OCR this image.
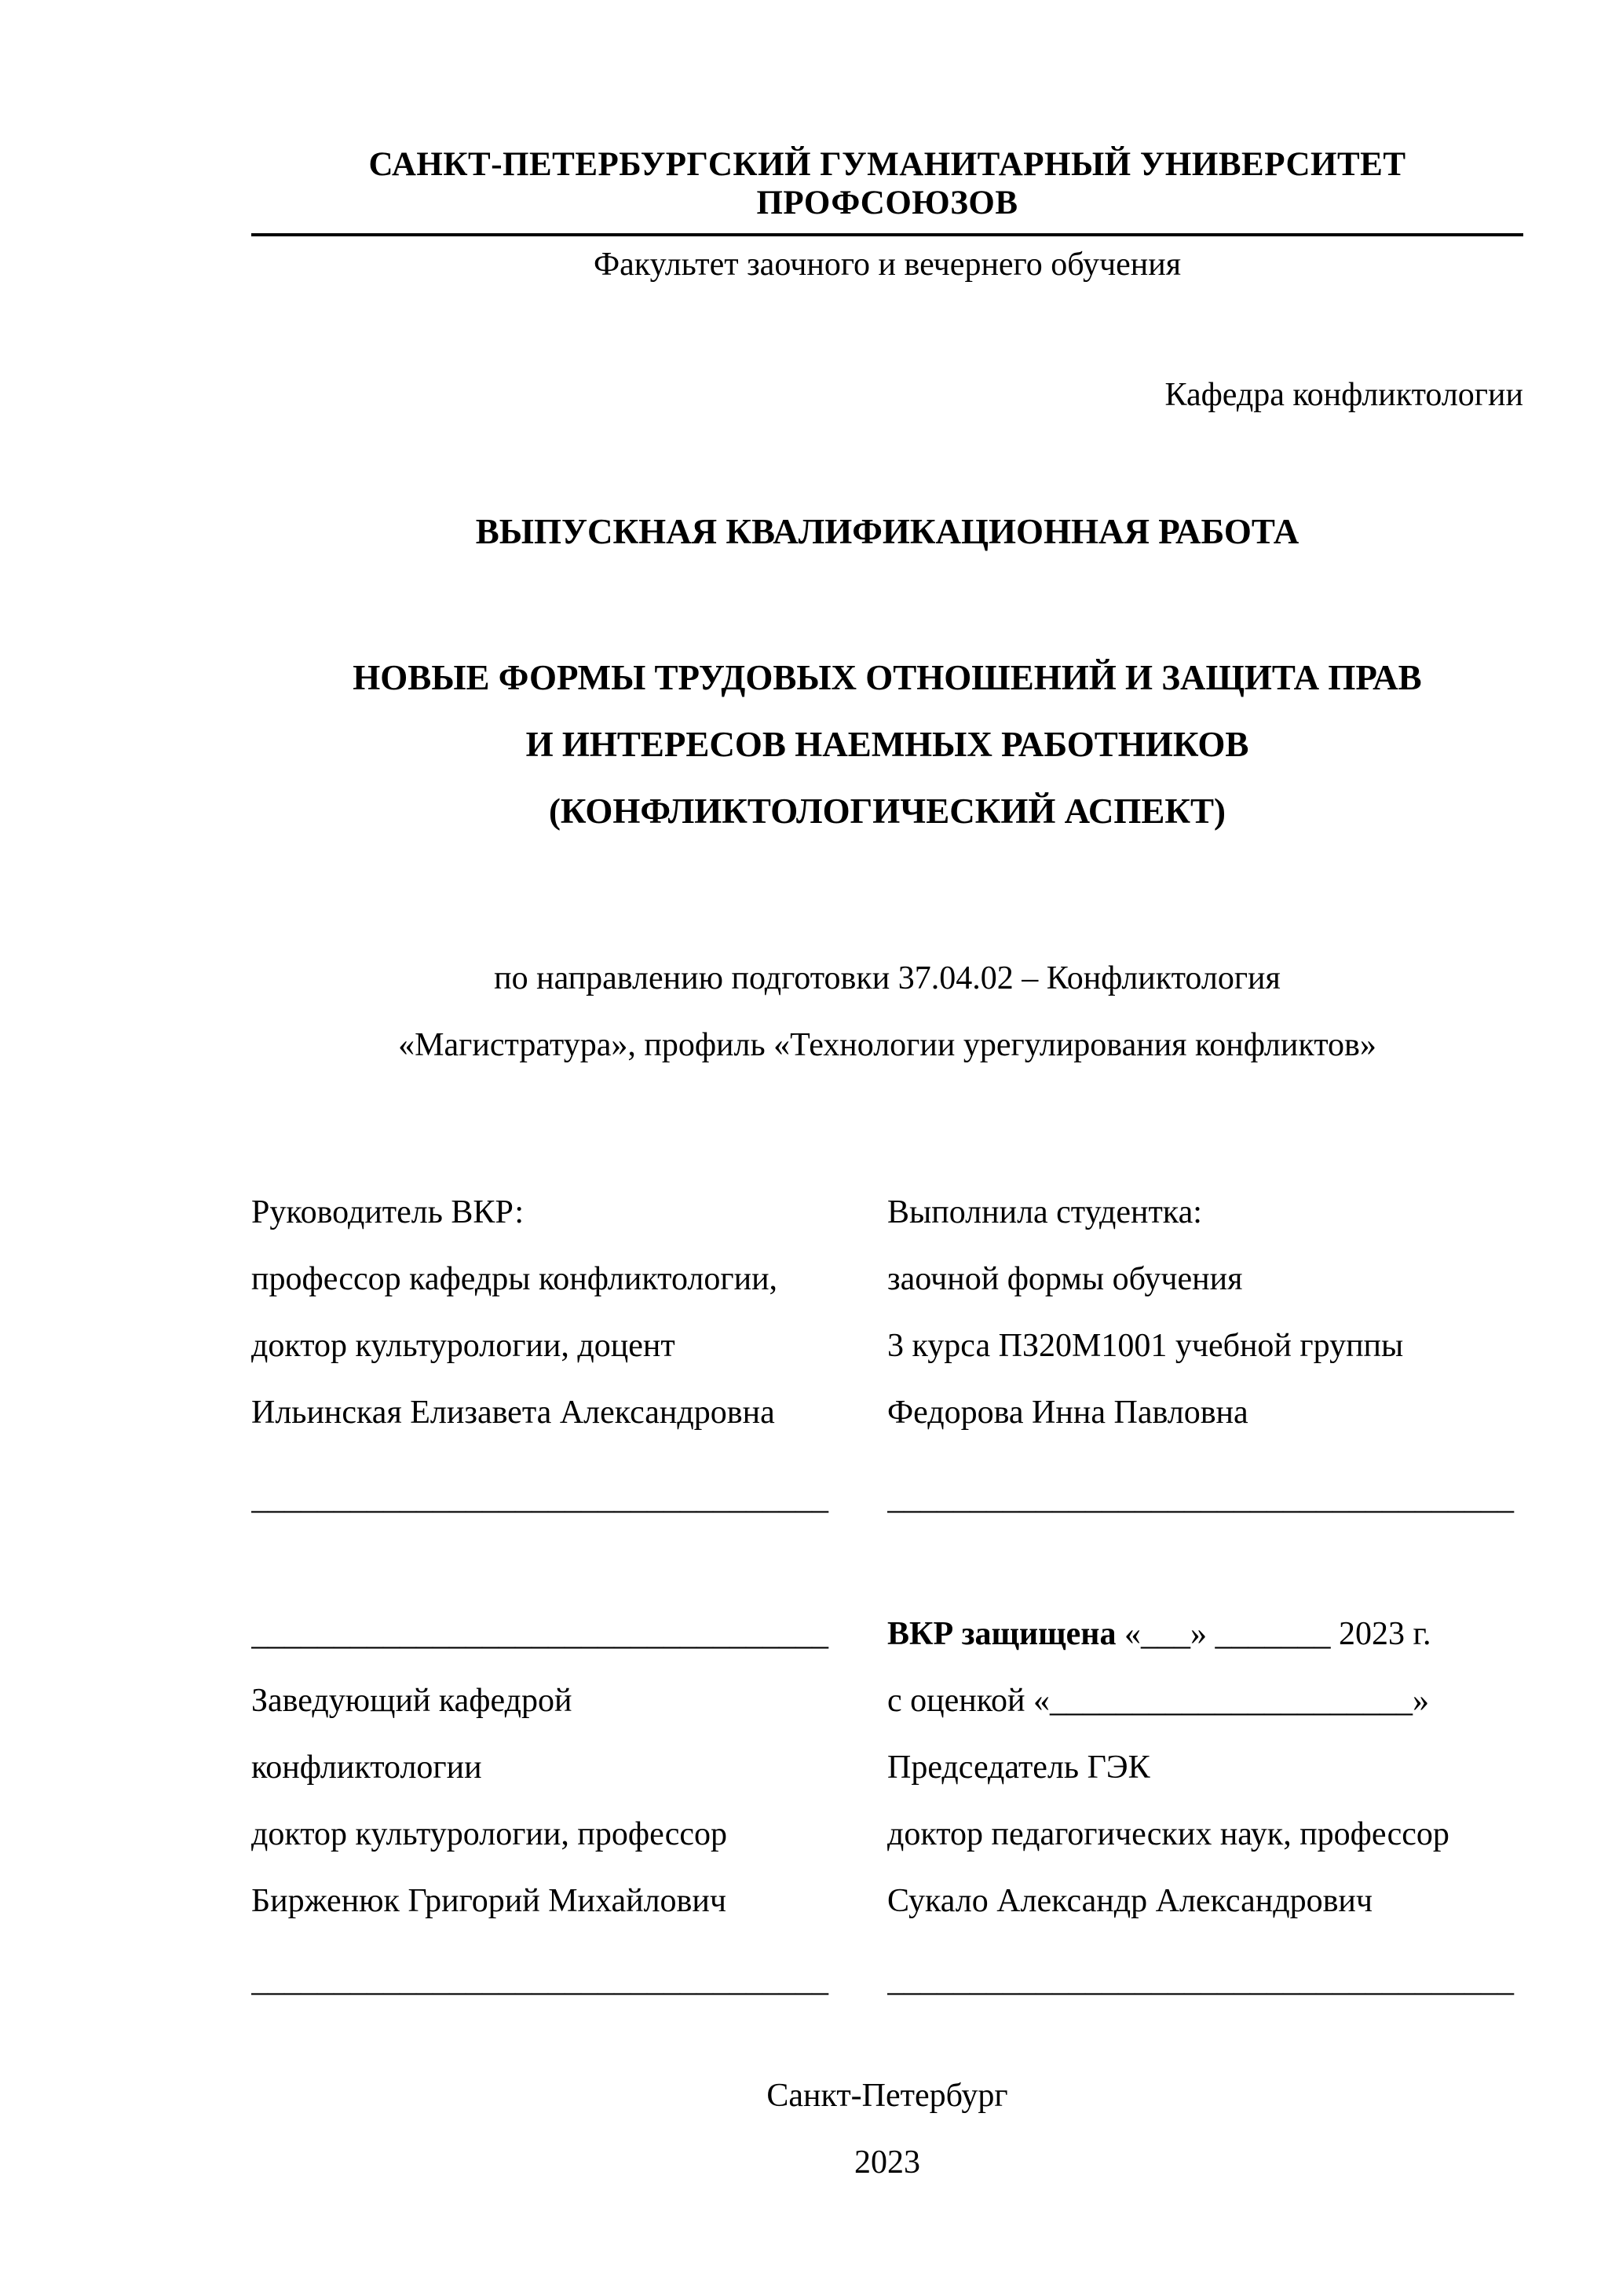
САНКТ-ПЕТЕРБУРГСКИЙ ГУМАНИТАРНЫЙ УНИВЕРСИТЕТ ПРОФСОЮЗОВ
Факультет заочного и вечернего обучения
Кафедра конфликтологии
ВЫПУСКНАЯ КВАЛИФИКАЦИОННАЯ РАБОТА
НОВЫЕ ФОРМЫ ТРУДОВЫХ ОТНОШЕНИЙ И ЗАЩИТА ПРАВ
И ИНТЕРЕСОВ НАЕМНЫХ РАБОТНИКОВ
(КОНФЛИКТОЛОГИЧЕСКИЙ АСПЕКТ)
по направлению подготовки 37.04.02 – Конфликтология
«Магистратура», профиль «Технологии урегулирования конфликтов»
Руководитель ВКР:
профессор кафедры конфликтологии,
доктор культурологии, доцент
Ильинская Елизавета Александровна
___________________________________
Выполнила студентка:
заочной формы обучения
3 курса ПЗ20М1001 учебной группы
Федорова Инна Павловна
______________________________________
___________________________________
Заведующий кафедрой
конфликтологии
доктор культурологии, профессор
Бирженюк Григорий Михайлович
___________________________________
ВКР защищена «___» _______ 2023 г.
с оценкой «______________________»
Председатель ГЭК
доктор педагогических наук, профессор
Сукало Александр Александрович
______________________________________
Санкт-Петербург
2023
